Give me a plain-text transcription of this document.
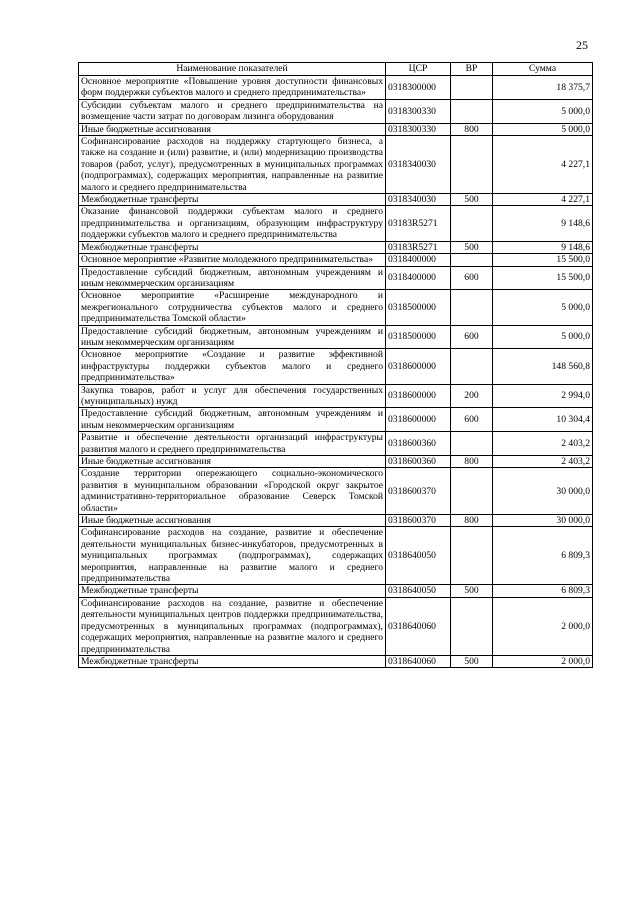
25
Наименование показателей	ЦСР	ВР	Сумма
Основное мероприятие «Повышение уровня доступности финансовых форм поддержки субъектов малого и среднего предпринимательства»	0318300000		18 375,7
Субсидии субъектам малого и среднего предпринимательства на возмещение части затрат по договорам лизинга оборудования	0318300330		5 000,0
Иные бюджетные ассигнования	0318300330	800	5 000,0
Софинансирование расходов на поддержку стартующего бизнеса, а также на создание и (или) развитие, и (или) модернизацию производства товаров (работ, услуг), предусмотренных в муниципальных программах (подпрограммах), содержащих мероприятия, направленные на развитие малого и среднего предпринимательства	0318340030		4 227,1
Межбюджетные трансферты	0318340030	500	4 227,1
Оказание финансовой поддержки субъектам малого и среднего предпринимательства и организациям, образующим инфраструктуру поддержки субъектов малого и среднего предпринимательства	03183R5271		9 148,6
Межбюджетные трансферты	03183R5271	500	9 148,6
Основное мероприятие «Развитие молодежного предпринимательства»	0318400000		15 500,0
Предоставление субсидий бюджетным, автономным учреждениям и иным некоммерческим организациям	0318400000	600	15 500,0
Основное мероприятие «Расширение международного и межрегионального сотрудничества субъектов малого и среднего предпринимательства Томской области»	0318500000		5 000,0
Предоставление субсидий бюджетным, автономным учреждениям и иным некоммерческим организациям	0318500000	600	5 000,0
Основное мероприятие «Создание и развитие эффективной инфраструктуры поддержки субъектов малого и среднего предпринимательства»	0318600000		148 560,8
Закупка товаров, работ и услуг для обеспечения государственных (муниципальных) нужд	0318600000	200	2 994,0
Предоставление субсидий бюджетным, автономным учреждениям и иным некоммерческим организациям	0318600000	600	10 304,4
Развитие и обеспечение деятельности организаций инфраструктуры развития малого и среднего предпринимательства	0318600360		2 403,2
Иные бюджетные ассигнования	0318600360	800	2 403,2
Создание территории опережающего социально-экономического развития в муниципальном образовании «Городской округ закрытое административно-территориальное образование Северск Томской области»	0318600370		30 000,0
Иные бюджетные ассигнования	0318600370	800	30 000,0
Софинансирование расходов на создание, развитие и обеспечение деятельности муниципальных бизнес-инкубаторов, предусмотренных в муниципальных программах (подпрограммах), содержащих мероприятия, направленные на развитие малого и среднего предпринимательства	0318640050		6 809,3
Межбюджетные трансферты	0318640050	500	6 809,3
Софинансирование расходов на создание, развитие и обеспечение деятельности муниципальных центров поддержки предпринимательства, предусмотренных в муниципальных программах (подпрограммах), содержащих мероприятия, направленные на развитие малого и среднего предпринимательства	0318640060		2 000,0
Межбюджетные трансферты	0318640060	500	2 000,0
